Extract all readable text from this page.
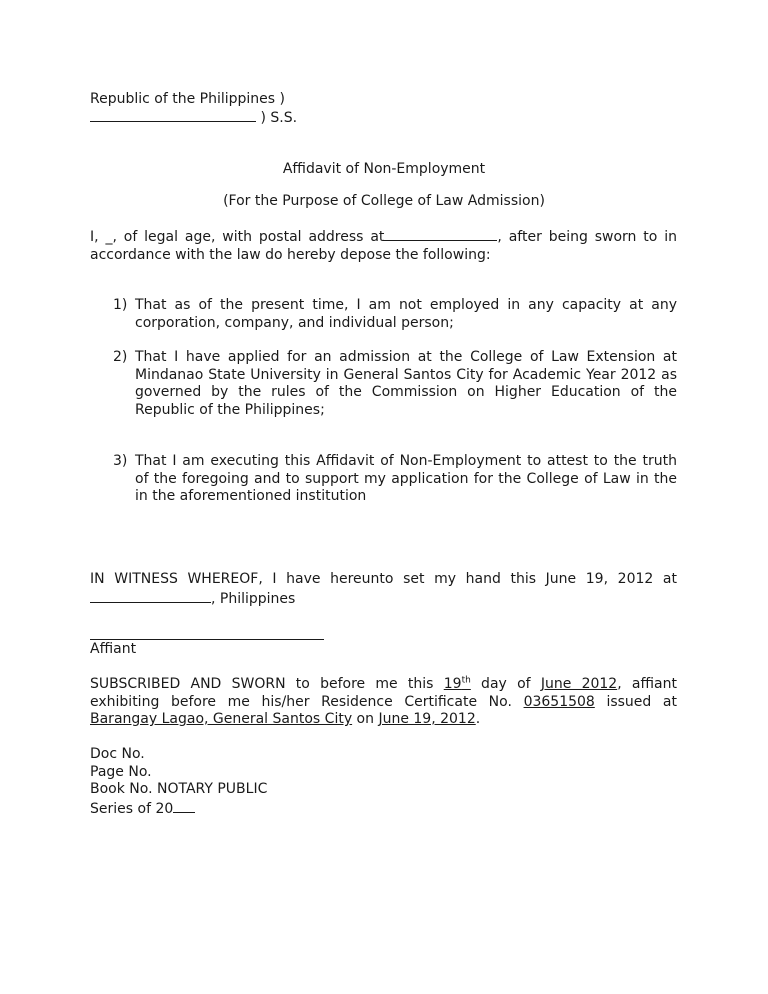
Republic of the Philippines )
) S.S.
Affidavit of Non-Employment
(For the Purpose of College of Law Admission)
I, _, of legal age, with postal address at	, after being sworn to in accordance with the law do hereby depose the following:
1) That as of the present time, I am not employed in any capacity at any corporation, company, and individual person;
2) That I have applied for an admission at the College of Law Extension at Mindanao State University in General Santos City for Academic Year 2012 as governed by the rules of the Commission on Higher Education of the Republic of the Philippines;
3) That I am executing this Affidavit of Non-Employment to attest to the truth of the foregoing and to support my application for the College of Law in the in the aforementioned institution
IN WITNESS WHEREOF, I have hereunto set my hand this June 19, 2012 at , Philippines
Affiant
SUBSCRIBED AND SWORN to before me this 19th day of June 2012, affiant exhibiting before me his/her Residence Certificate No. 03651508 issued at Barangay Lagao, General Santos City on June 19, 2012.
Doc No.
Page No.
Book No. NOTARY PUBLIC
Series of 20
